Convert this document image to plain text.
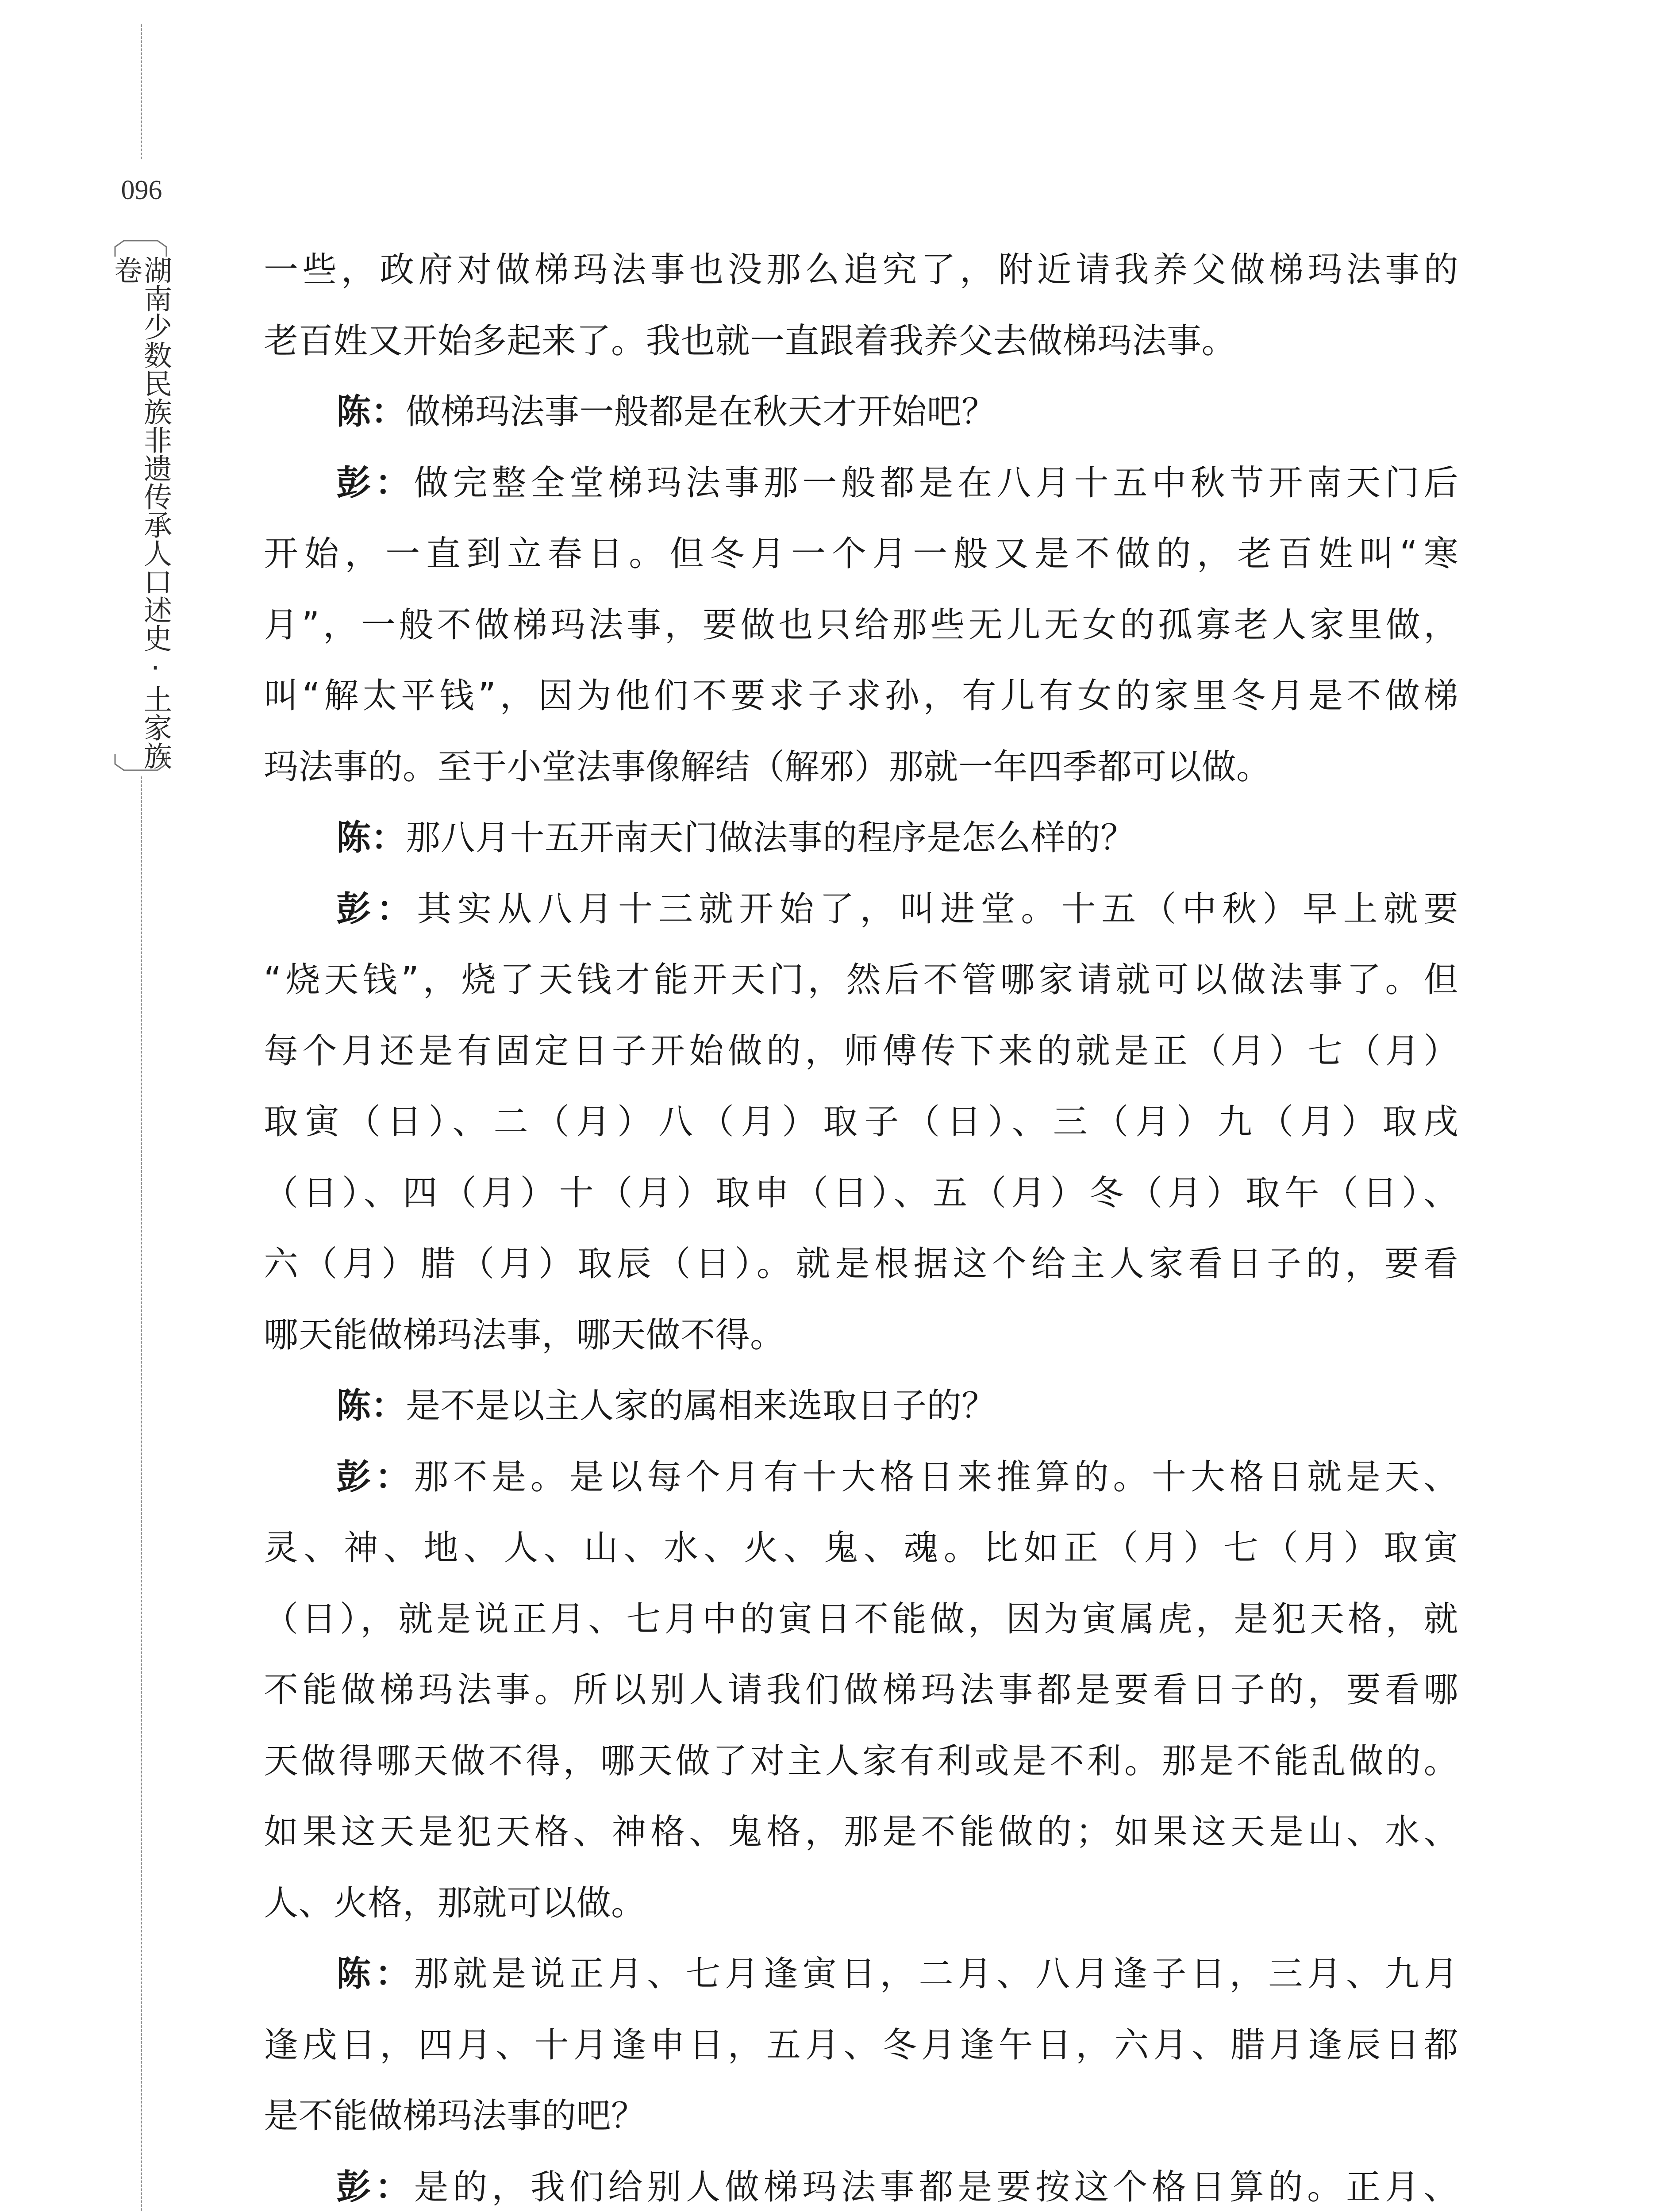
096
湖南少数民族非遗传承人口述史·土家族卷	一些，政府对做梯玛法事也没那么追究了，附近请我养父做梯玛法事的
老百姓又开始多起来了。我也就一直跟着我养父去做梯玛法事。
陈：做梯玛法事一般都是在秋天才开始吧？
彭：做完整全堂梯玛法事那一般都是在八月十五中秋节开南天门后
开始，一直到立春日。但冬月一个月一般又是不做的，老百姓叫“寒
月”，一般不做梯玛法事，要做也只给那些无儿无女的孤寡老人家里做，
叫“解太平钱”，因为他们不要求子求孙，有儿有女的家里冬月是不做梯
玛法事的。至于小堂法事像解结（解邪）那就一年四季都可以做。
陈：那八月十五开南天门做法事的程序是怎么样的？
彭：其实从八月十三就开始了，叫进堂。十五（中秋）早上就要
“烧天钱”，烧了天钱才能开天门，然后不管哪家请就可以做法事了。但
每个月还是有固定日子开始做的，师傅传下来的就是正（月）七（月）
取寅（日）、二（月）八（月）取子（日）、三（月）九（月）取戌
（日）、四（月）十（月）取申（日）、五（月）冬（月）取午（日）、
六（月）腊（月）取辰（日）。就是根据这个给主人家看日子的，要看
哪天能做梯玛法事，哪天做不得。
陈：是不是以主人家的属相来选取日子的？
彭：那不是。是以每个月有十大格日来推算的。十大格日就是天、
灵、神、地、人、山、水、火、鬼、魂。比如正（月）七（月）取寅
（日），就是说正月、七月中的寅日不能做，因为寅属虎，是犯天格，就
不能做梯玛法事。所以别人请我们做梯玛法事都是要看日子的，要看哪
天做得哪天做不得，哪天做了对主人家有利或是不利。那是不能乱做的。
如果这天是犯天格、神格、鬼格，那是不能做的；如果这天是山、水、
人、火格，那就可以做。
陈：那就是说正月、七月逢寅日，二月、八月逢子日，三月、九月
逢戌日，四月、十月逢申日，五月、冬月逢午日，六月、腊月逢辰日都
是不能做梯玛法事的吧？
彭：是的，我们给别人做梯玛法事都是要按这个格日算的。正月、
